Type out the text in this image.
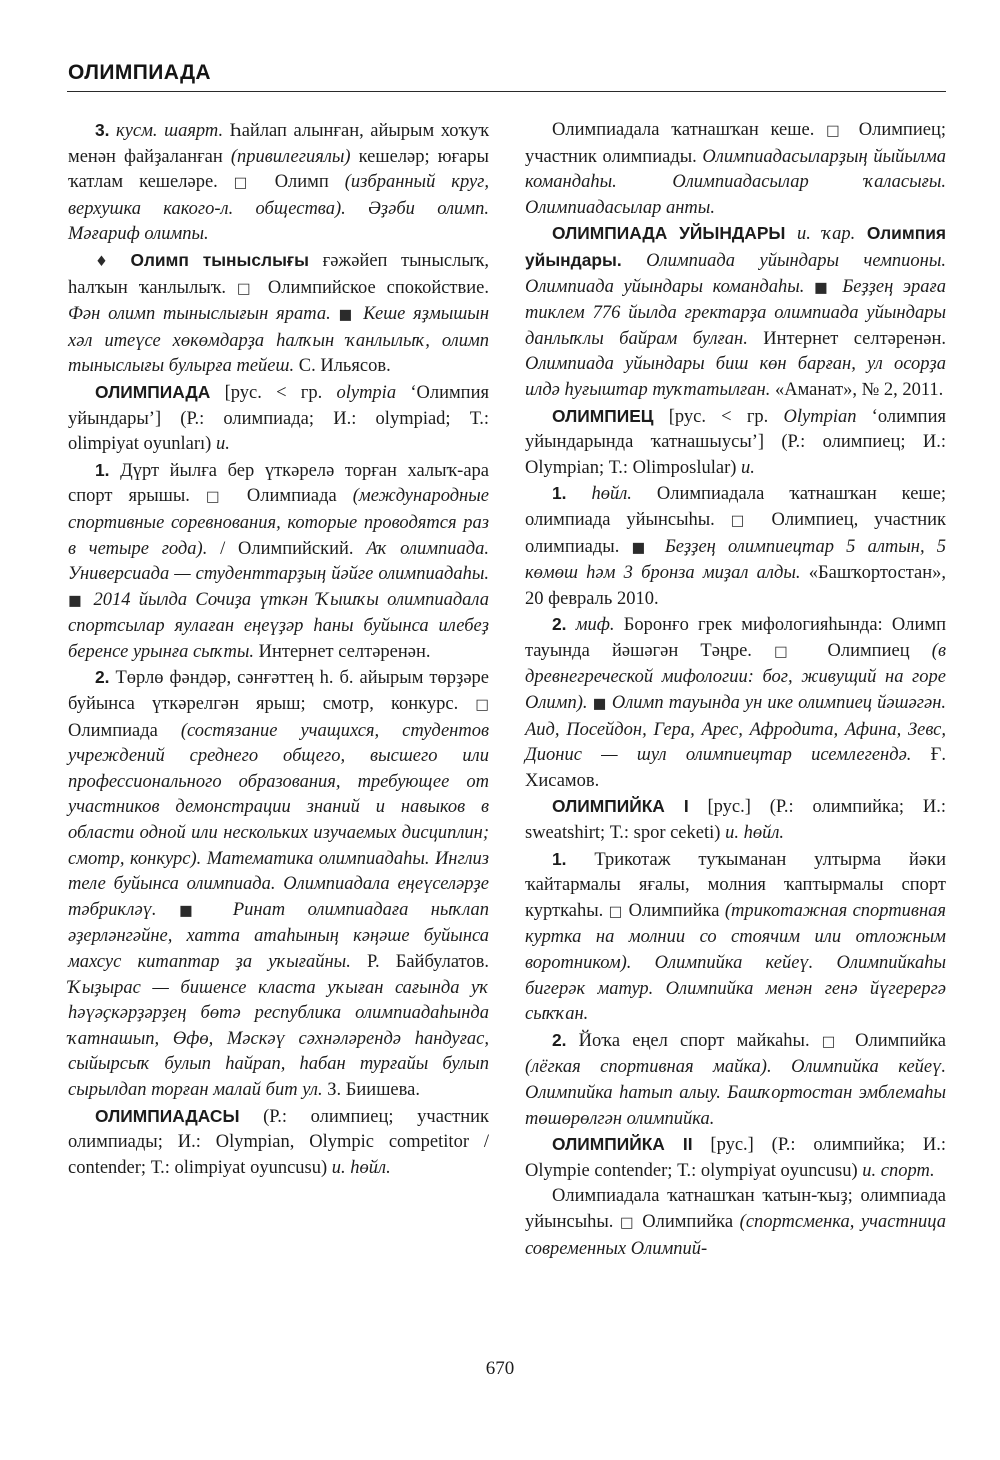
ОЛИМПИАДА

3. кусм. шаярт. Һайлап алынған, айырым хоҡуҡ менән файҙаланған (привилегиялы) кешеләр; юғары ҡатлам кешеләре. □ Олимп (избранный круг, верхушка какого-л. общества). Әҙәби олимп. Мәғариф олимпы.

♦ Олимп тыныслығы ғәжәйеп тыныслыҡ, һалҡын ҡанлылыҡ. □ Олимпийское спокойствие. Фән олимп тыныслығын ярата. ■ Кеше яҙмышын хәл итеүсе хөкөмдарҙа һалҡын ҡанлылыҡ, олимп тыныслығы булырға тейеш. С. Ильясов.

ОЛИМПИАДА [рус. < гр. olympia ‘Олимпия уйындары’] (Р.: олимпиада; И.: olympiad; Т.: olimpiyat oyunları) и.

1. Дүрт йылға бер үткәрелә торған халыҡ-ара спорт ярышы. □ Олимпиада (международные спортивные соревнования, которые проводятся раз в четыре года). / Олимпийский. Аҡ олимпиада. Универсиада — студенттарҙың йәйге олимпиадаһы. ■ 2014 йылда Сочиҙа үткән Ҡышҡы олимпиадала спортсылар яулаған еңеүҙәр һаны буйынса илебеҙ беренсе урынға сыҡты. Интернет селтәренән.

2. Төрлө фәндәр, сәнғәттең һ. б. айырым төрҙәре буйынса үткәрелгән ярыш; смотр, конкурс. □ Олимпиада (состязание учащихся, студентов учреждений среднего общего, высшего или профессионального образования, требующее от участников демонстрации знаний и навыков в области одной или нескольких изучаемых дисциплин; смотр, конкурс). Математика олимпиадаһы. Инглиз теле буйынса олимпиада. Олимпиадала еңеүселәрҙе тәбрикләү. ■ Ринат олимпиадаға ныҡлап әҙерләнгәйне, хатта атаһының кәңәше буйынса махсус китаптар ҙа уҡығайны. Р. Байбулатов. Ҡыҙырас — бишенсе класта уҡыған сағында уҡ һәүәҫкәрҙәрҙең бөтә республика олимпиадаһында ҡатнашып, Өфө, Мәскәү сәхнәләрендә һандуғас, сыйырсыҡ булып һайрап, һабан турғайы булып сырылдап торған малай бит ул. З. Биишева.

ОЛИМПИАДАСЫ (Р.: олимпиец; участник олимпиады; И.: Olympian, Olympic competitor / contender; Т.: olimpiyat oyuncusu) и. һөйл.

Олимпиадала ҡатнашҡан кеше. □ Олимпиец; участник олимпиады. Олимпиадасыларҙың йыйылма командаһы. Олимпиадасылар ҡаласығы. Олимпиадасылар анты.

ОЛИМПИАДА УЙЫНДАРЫ и. ҡар. Олимпия уйындары. Олимпиада уйындары чемпионы. Олимпиада уйындары командаһы. ■ Беҙҙең эраға тиклем 776 йылда гректарҙа олимпиада уйындары данлыҡлы байрам булған. Интернет селтәренән. Олимпиада уйындары биш көн барған, ул осорҙа илдә һуғыштар туҡтатылған. «Аманат», № 2, 2011.

ОЛИМПИЕЦ [рус. < гр. Olympian ‘олимпия уйындарында ҡатнашыусы’] (Р.: олимпиец; И.: Olympian; Т.: Olimposlular) и.

1. һөйл. Олимпиадала ҡатнашҡан кеше; олимпиада уйынсыһы. □ Олимпиец, участник олимпиады. ■ Беҙҙең олимпиецтар 5 алтын, 5 көмөш һәм 3 бронза миҙал алды. «Башҡортостан», 20 февраль 2010.

2. миф. Боронғо грек мифологияһында: Олимп тауында йәшәгән Тәңре. □ Олимпиец (в древнегреческой мифологии: бог, живущий на горе Олимп). ■ Олимп тауында ун ике олимпиец йәшәгән. Аид, Посейдон, Гера, Арес, Афродита, Афина, Зевс, Дионис — шул олимпиецтар исемлегендә. Ғ. Хисамов.

ОЛИМПИЙКА I [рус.] (Р.: олимпийка; И.: sweatshirt; Т.: spor ceketi) и. һөйл.

1. Трикотаж туҡыманан ултырма йәки ҡайтармалы яғалы, молния ҡаптырмалы спорт курткаһы. □ Олимпийка (трикотажная спортивная куртка на молнии со стоячим или отложным воротником). Олимпийка кейеү. Олимпийкаһы бигерәк матур. Олимпийка менән генә йүгерергә сыҡҡан.

2. Йоҡа еңел спорт майкаһы. □ Олимпийка (лёгкая спортивная майка). Олимпийка кейеү. Олимпийка һатып алыу. Башҡортостан эмблемаһы төшөрөлгән олимпийка.

ОЛИМПИЙКА II [рус.] (Р.: олимпийка; И.: Olympie contender; Т.: olympiyat oyuncusu) и. спорт.

Олимпиадала ҡатнашҡан ҡатын-ҡыҙ; олимпиада уйынсыһы. □ Олимпийка (спортсменка, участница современных Олимпий-

670
